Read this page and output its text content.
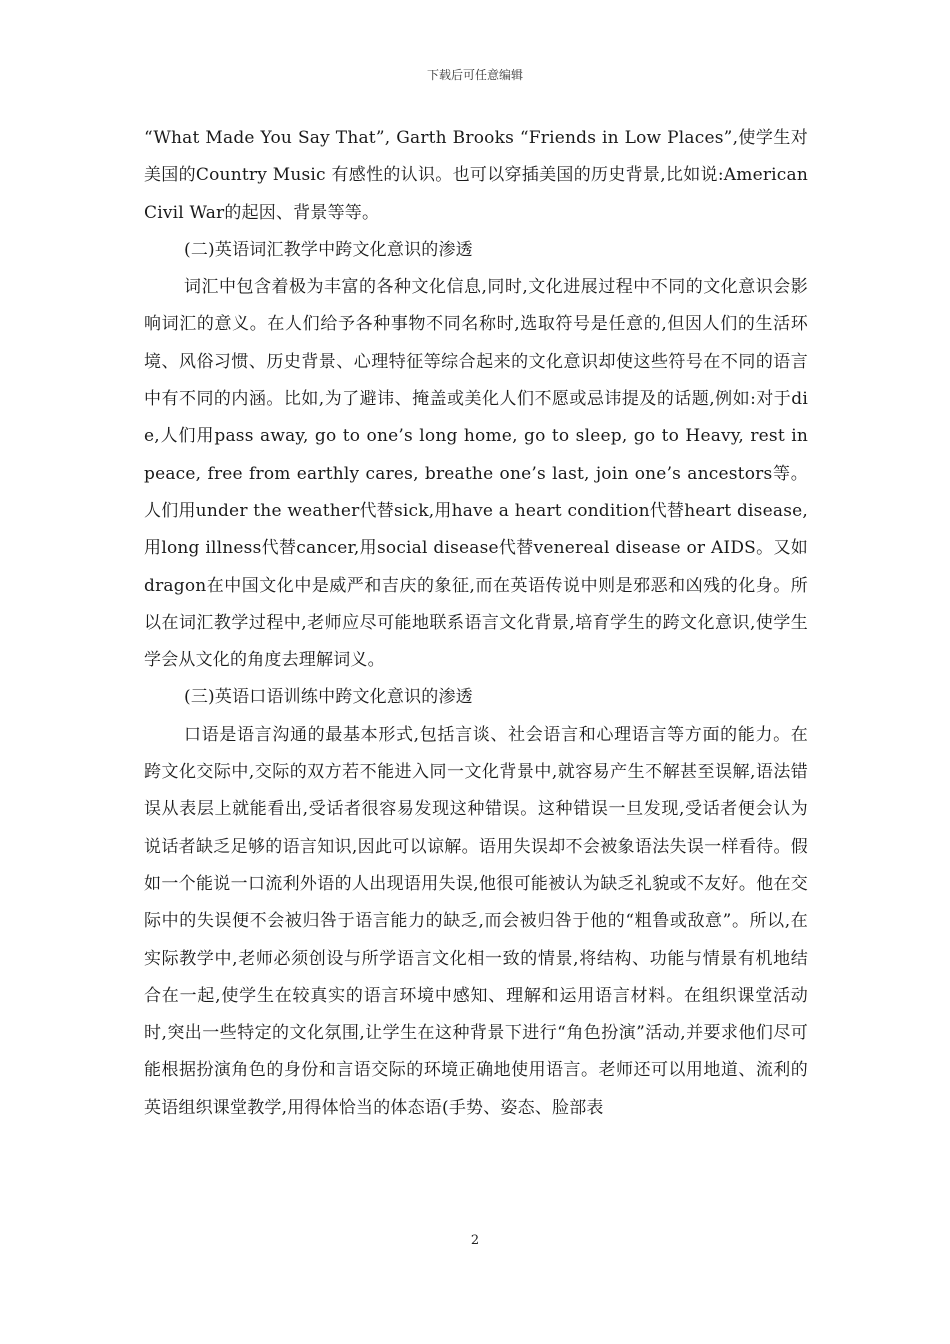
下载后可任意编辑

“What Made You Say That”, Garth Brooks “Friends in Low Places”,使学生对美国的Country Music 有感性的认识。也可以穿插美国的历史背景,比如说:American Civil War的起因、背景等等。

(二)英语词汇教学中跨文化意识的渗透

词汇中包含着极为丰富的各种文化信息,同时,文化进展过程中不同的文化意识会影响词汇的意义。在人们给予各种事物不同名称时,选取符号是任意的,但因人们的生活环境、风俗习惯、历史背景、心理特征等综合起来的文化意识却使这些符号在不同的语言中有不同的内涵。比如,为了避讳、掩盖或美化人们不愿或忌讳提及的话题,例如:对于die,人们用pass away, go to one’s long home, go to sleep, go to Heavy, rest in peace, free from earthly cares, breathe one’s last, join one’s ancestors等。人们用under the weather代替sick,用have a heart condition代替heart disease,用long illness代替cancer,用social disease代替venereal disease or AIDS。又如dragon在中国文化中是威严和吉庆的象征,而在英语传说中则是邪恶和凶残的化身。所以在词汇教学过程中,老师应尽可能地联系语言文化背景,培育学生的跨文化意识,使学生学会从文化的角度去理解词义。

(三)英语口语训练中跨文化意识的渗透

口语是语言沟通的最基本形式,包括言谈、社会语言和心理语言等方面的能力。在跨文化交际中,交际的双方若不能进入同一文化背景中,就容易产生不解甚至误解,语法错误从表层上就能看出,受话者很容易发现这种错误。这种错误一旦发现,受话者便会认为说话者缺乏足够的语言知识,因此可以谅解。语用失误却不会被象语法失误一样看待。假如一个能说一口流利外语的人出现语用失误,他很可能被认为缺乏礼貌或不友好。他在交际中的失误便不会被归咎于语言能力的缺乏,而会被归咎于他的“粗鲁或敌意”。所以,在实际教学中,老师必须创设与所学语言文化相一致的情景,将结构、功能与情景有机地结合在一起,使学生在较真实的语言环境中感知、理解和运用语言材料。在组织课堂活动时,突出一些特定的文化氛围,让学生在这种背景下进行“角色扮演”活动,并要求他们尽可能根据扮演角色的身份和言语交际的环境正确地使用语言。老师还可以用地道、流利的英语组织课堂教学,用得体恰当的体态语(手势、姿态、脸部表

2
